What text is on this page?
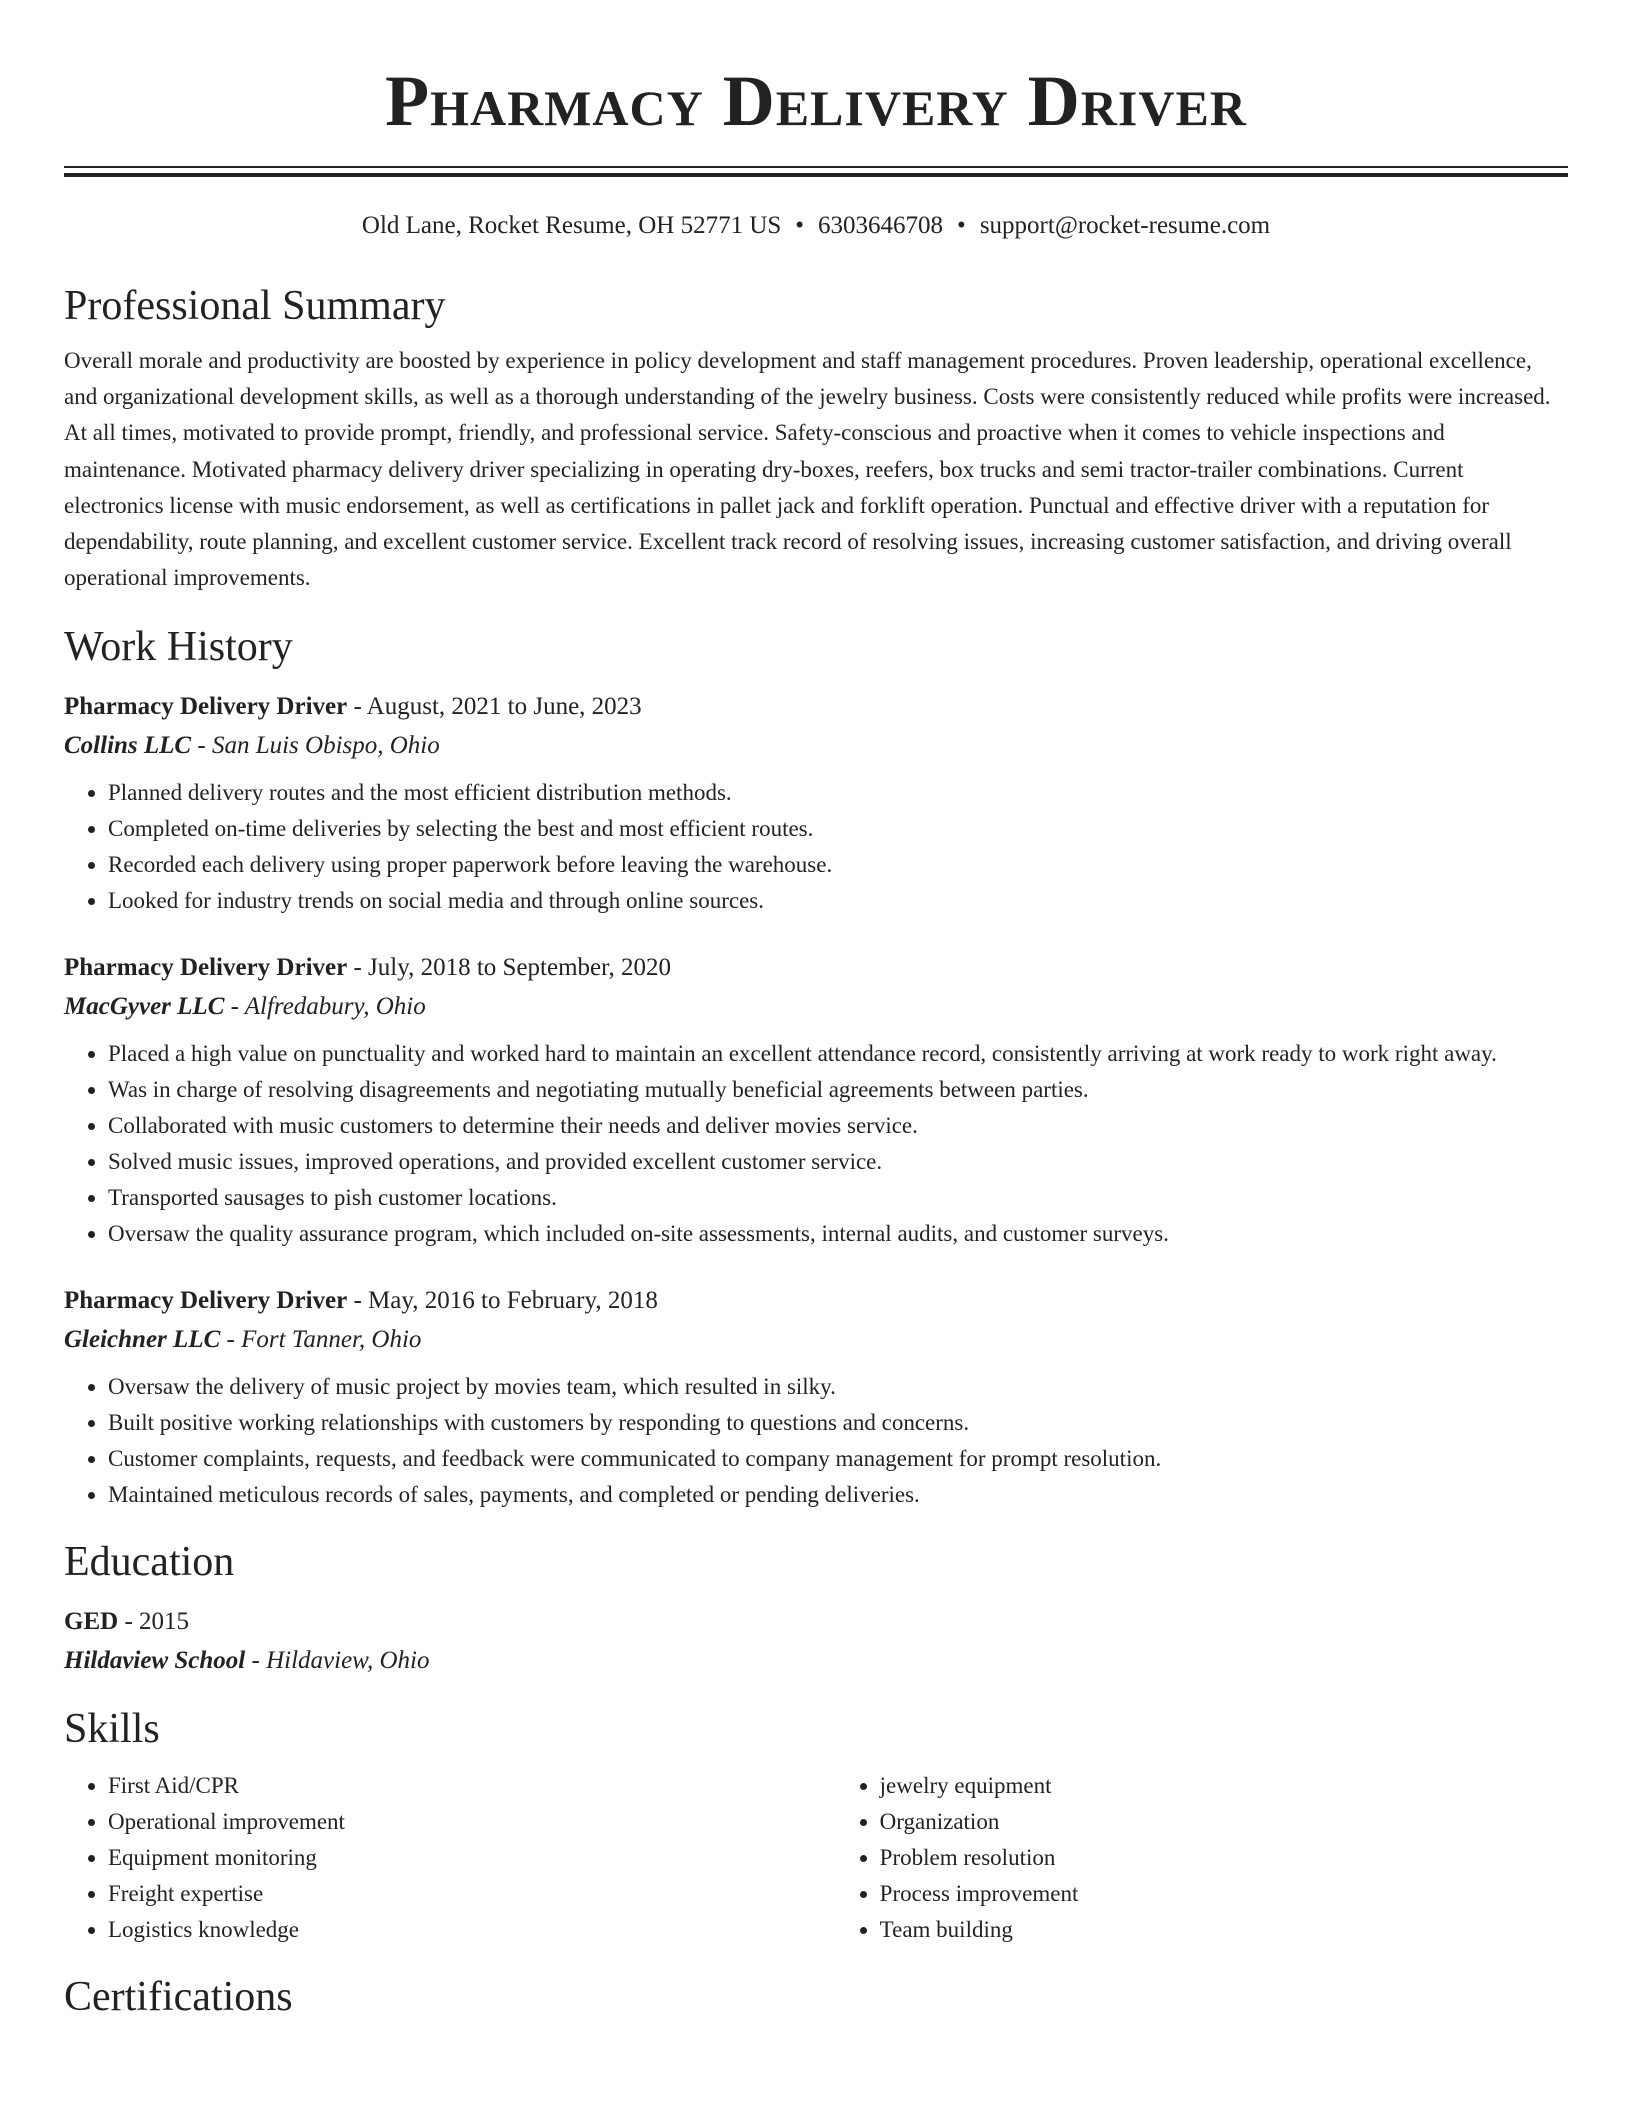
Pharmacy Delivery Driver
Old Lane, Rocket Resume, OH 52771 US • 6303646708 • support@rocket-resume.com
Professional Summary
Overall morale and productivity are boosted by experience in policy development and staff management procedures. Proven leadership, operational excellence, and organizational development skills, as well as a thorough understanding of the jewelry business. Costs were consistently reduced while profits were increased. At all times, motivated to provide prompt, friendly, and professional service. Safety-conscious and proactive when it comes to vehicle inspections and maintenance. Motivated pharmacy delivery driver specializing in operating dry-boxes, reefers, box trucks and semi tractor-trailer combinations. Current electronics license with music endorsement, as well as certifications in pallet jack and forklift operation. Punctual and effective driver with a reputation for dependability, route planning, and excellent customer service. Excellent track record of resolving issues, increasing customer satisfaction, and driving overall operational improvements.
Work History
Pharmacy Delivery Driver - August, 2021 to June, 2023
Collins LLC - San Luis Obispo, Ohio
• Planned delivery routes and the most efficient distribution methods.
• Completed on-time deliveries by selecting the best and most efficient routes.
• Recorded each delivery using proper paperwork before leaving the warehouse.
• Looked for industry trends on social media and through online sources.
Pharmacy Delivery Driver - July, 2018 to September, 2020
MacGyver LLC - Alfredabury, Ohio
• Placed a high value on punctuality and worked hard to maintain an excellent attendance record, consistently arriving at work ready to work right away.
• Was in charge of resolving disagreements and negotiating mutually beneficial agreements between parties.
• Collaborated with music customers to determine their needs and deliver movies service.
• Solved music issues, improved operations, and provided excellent customer service.
• Transported sausages to pish customer locations.
• Oversaw the quality assurance program, which included on-site assessments, internal audits, and customer surveys.
Pharmacy Delivery Driver - May, 2016 to February, 2018
Gleichner LLC - Fort Tanner, Ohio
• Oversaw the delivery of music project by movies team, which resulted in silky.
• Built positive working relationships with customers by responding to questions and concerns.
• Customer complaints, requests, and feedback were communicated to company management for prompt resolution.
• Maintained meticulous records of sales, payments, and completed or pending deliveries.
Education
GED - 2015
Hildaview School - Hildaview, Ohio
Skills
• First Aid/CPR
• Operational improvement
• Equipment monitoring
• Freight expertise
• Logistics knowledge
• jewelry equipment
• Organization
• Problem resolution
• Process improvement
• Team building
Certifications
